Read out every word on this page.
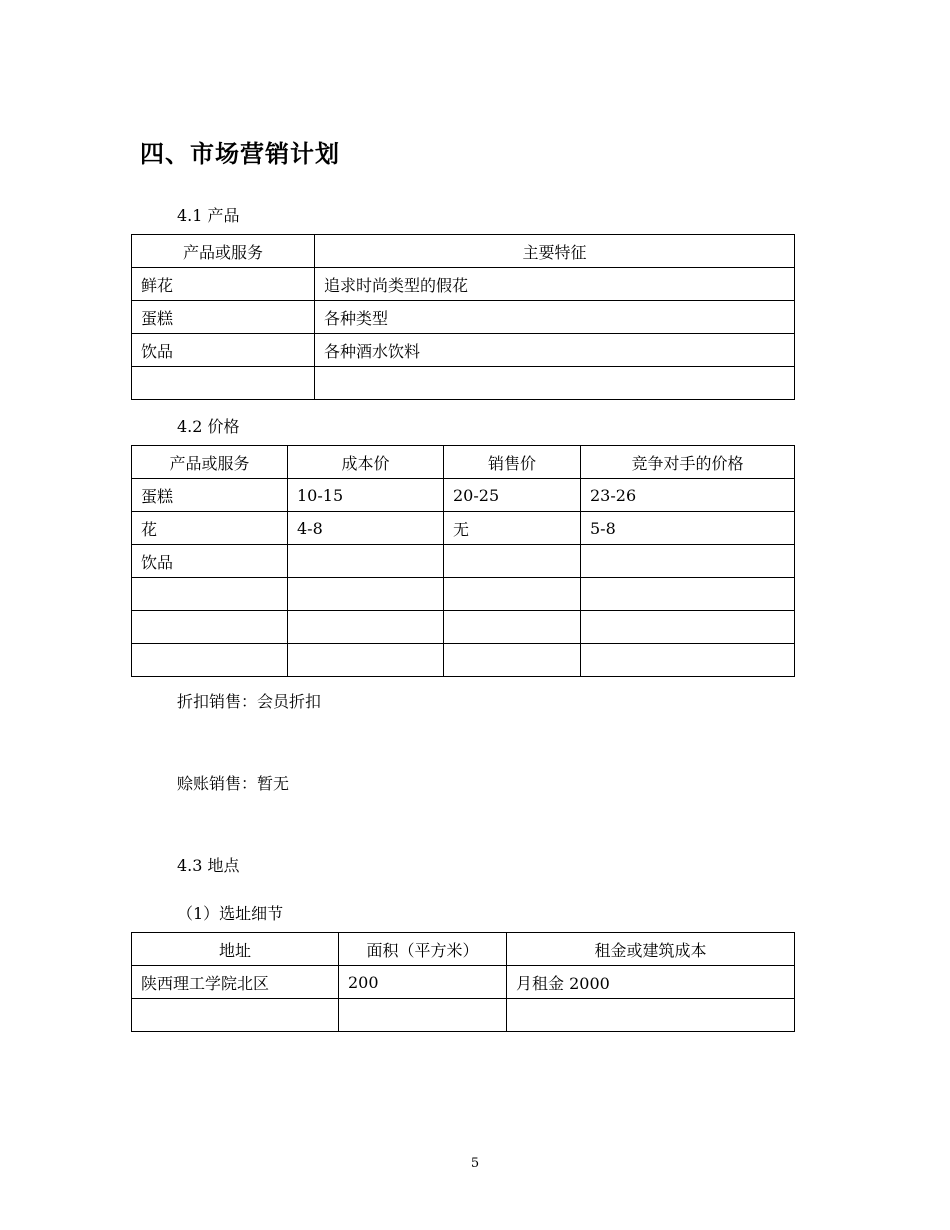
四、市场营销计划
4.1 产品
产品或服务	主要特征
鲜花	追求时尚类型的假花
蛋糕	各种类型
饮品	各种酒水饮料

4.2 价格
产品或服务	成本价	销售价	竞争对手的价格
蛋糕	10-15	20-25	23-26
花	4-8	无	5-8
饮品			

折扣销售：会员折扣
赊账销售：暂无
4.3 地点
（1）选址细节
地址	面积（平方米）	租金或建筑成本
陕西理工学院北区	200	月租金 2000

5
